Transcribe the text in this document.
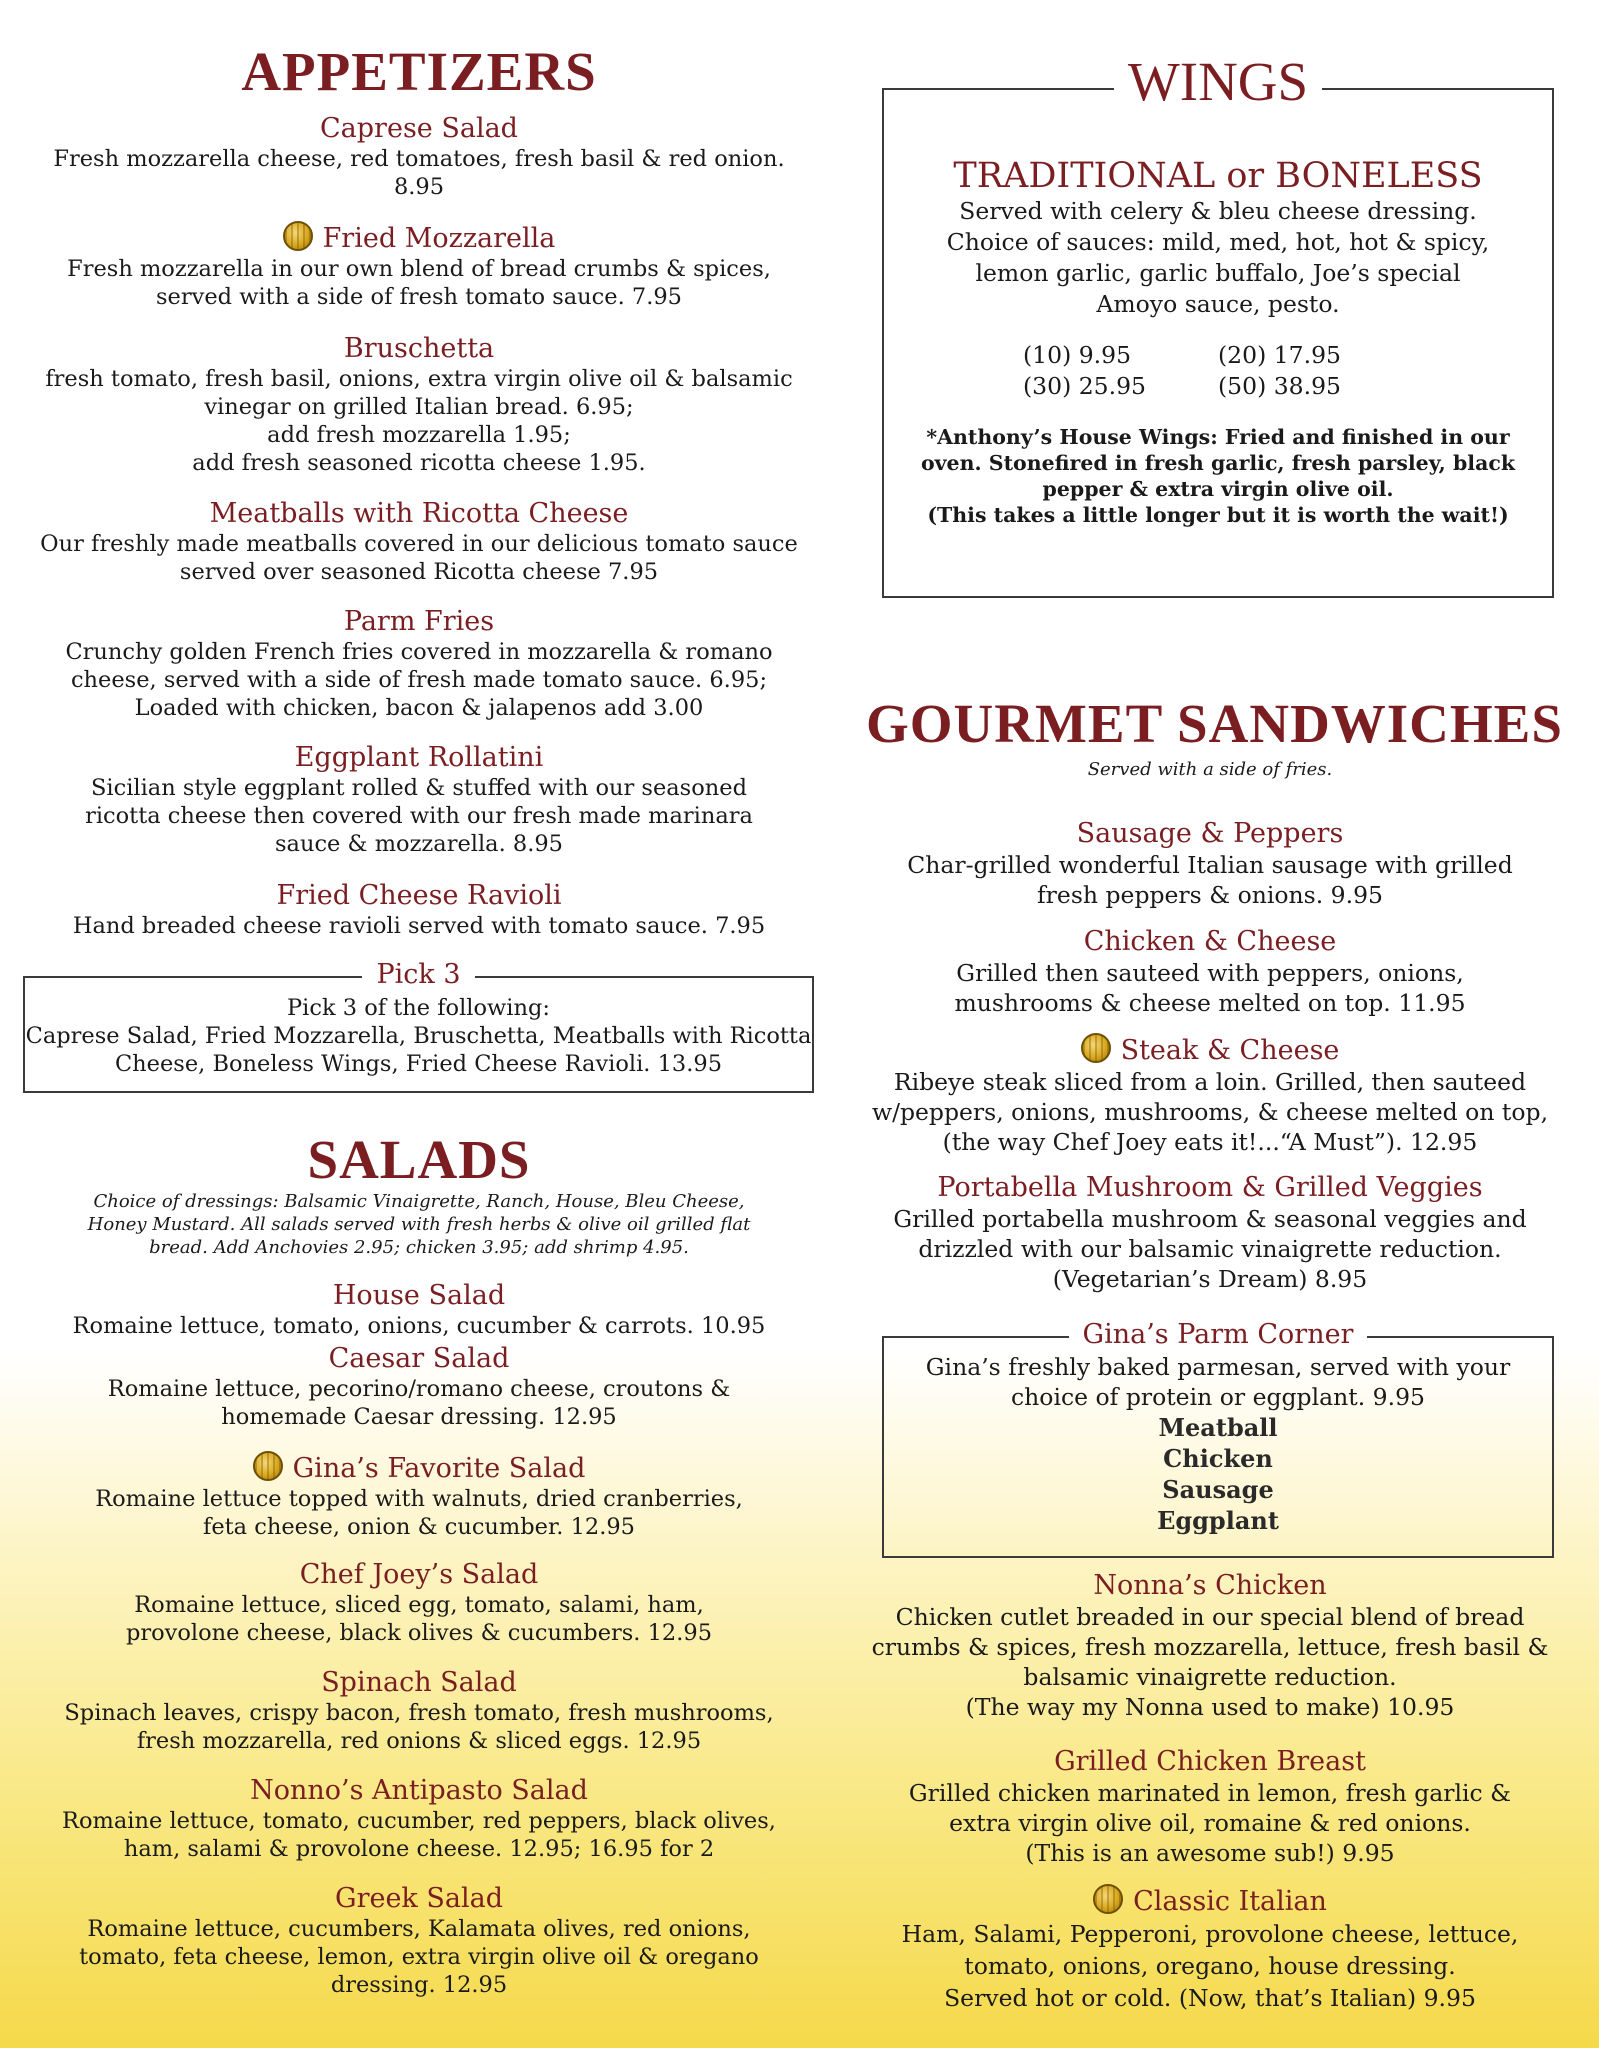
APPETIZERS
Caprese Salad
Fresh mozzarella cheese, red tomatoes, fresh basil & red onion.
8.95
Fried Mozzarella
Fresh mozzarella in our own blend of bread crumbs & spices,
served with a side of fresh tomato sauce. 7.95
Bruschetta
fresh tomato, fresh basil, onions, extra virgin olive oil & balsamic
vinegar on grilled Italian bread. 6.95;
add fresh mozzarella 1.95;
add fresh seasoned ricotta cheese 1.95.
Meatballs with Ricotta Cheese
Our freshly made meatballs covered in our delicious tomato sauce
served over seasoned Ricotta cheese 7.95
Parm Fries
Crunchy golden French fries covered in mozzarella & romano
cheese, served with a side of fresh made tomato sauce. 6.95;
Loaded with chicken, bacon & jalapenos add 3.00
Eggplant Rollatini
Sicilian style eggplant rolled & stuffed with our seasoned
ricotta cheese then covered with our fresh made marinara
sauce & mozzarella. 8.95
Fried Cheese Ravioli
Hand breaded cheese ravioli served with tomato sauce. 7.95
Pick 3
Pick 3 of the following:
Caprese Salad, Fried Mozzarella, Bruschetta, Meatballs with Ricotta
Cheese, Boneless Wings, Fried Cheese Ravioli. 13.95
SALADS
Choice of dressings: Balsamic Vinaigrette, Ranch, House, Bleu Cheese,
Honey Mustard. All salads served with fresh herbs & olive oil grilled flat
bread. Add Anchovies 2.95; chicken 3.95; add shrimp 4.95.
House Salad
Romaine lettuce, tomato, onions, cucumber & carrots. 10.95
Caesar Salad
Romaine lettuce, pecorino/romano cheese, croutons &
homemade Caesar dressing. 12.95
Gina’s Favorite Salad
Romaine lettuce topped with walnuts, dried cranberries,
feta cheese, onion & cucumber. 12.95
Chef Joey’s Salad
Romaine lettuce, sliced egg, tomato, salami, ham,
provolone cheese, black olives & cucumbers. 12.95
Spinach Salad
Spinach leaves, crispy bacon, fresh tomato, fresh mushrooms,
fresh mozzarella, red onions & sliced eggs. 12.95
Nonno’s Antipasto Salad
Romaine lettuce, tomato, cucumber, red peppers, black olives,
ham, salami & provolone cheese. 12.95; 16.95 for 2
Greek Salad
Romaine lettuce, cucumbers, Kalamata olives, red onions,
tomato, feta cheese, lemon, extra virgin olive oil & oregano
dressing. 12.95
WINGS
TRADITIONAL or BONELESS
Served with celery & bleu cheese dressing.
Choice of sauces: mild, med, hot, hot & spicy,
lemon garlic, garlic buffalo, Joe’s special
Amoyo sauce, pesto.
(10) 9.95	(20) 17.95
(30) 25.95	(50) 38.95
*Anthony’s House Wings: Fried and finished in our
oven. Stonefired in fresh garlic, fresh parsley, black
pepper & extra virgin olive oil.
(This takes a little longer but it is worth the wait!)
GOURMET SANDWICHES
Served with a side of fries.
Sausage & Peppers
Char-grilled wonderful Italian sausage with grilled
fresh peppers & onions. 9.95
Chicken & Cheese
Grilled then sauteed with peppers, onions,
mushrooms & cheese melted on top. 11.95
Steak & Cheese
Ribeye steak sliced from a loin. Grilled, then sauteed
w/peppers, onions, mushrooms, & cheese melted on top,
(the way Chef Joey eats it!...“A Must”). 12.95
Portabella Mushroom & Grilled Veggies
Grilled portabella mushroom & seasonal veggies and
drizzled with our balsamic vinaigrette reduction.
(Vegetarian’s Dream) 8.95
Gina’s Parm Corner
Gina’s freshly baked parmesan, served with your
choice of protein or eggplant. 9.95
Meatball
Chicken
Sausage
Eggplant
Nonna’s Chicken
Chicken cutlet breaded in our special blend of bread
crumbs & spices, fresh mozzarella, lettuce, fresh basil &
balsamic vinaigrette reduction.
(The way my Nonna used to make) 10.95
Grilled Chicken Breast
Grilled chicken marinated in lemon, fresh garlic &
extra virgin olive oil, romaine & red onions.
(This is an awesome sub!) 9.95
Classic Italian
Ham, Salami, Pepperoni, provolone cheese, lettuce,
tomato, onions, oregano, house dressing.
Served hot or cold. (Now, that’s Italian) 9.95
